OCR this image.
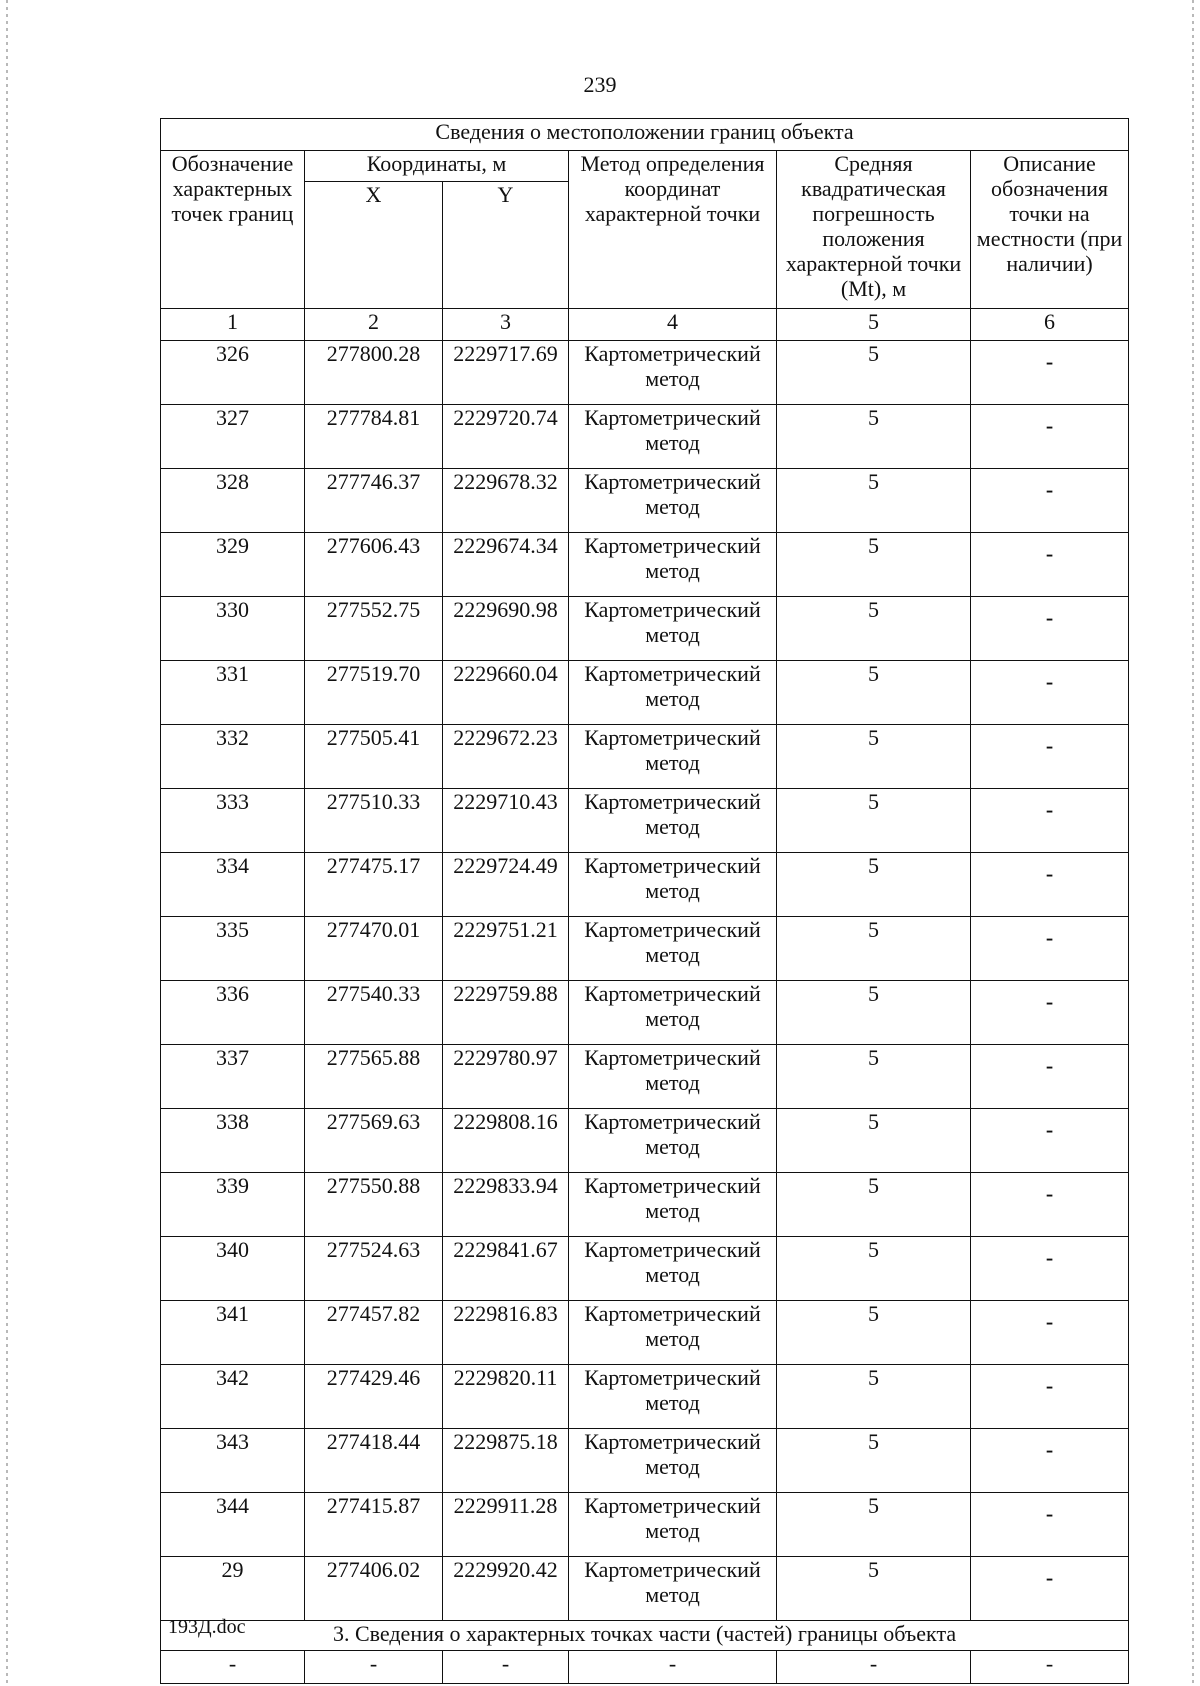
239
Сведения о местоположении границ объекта					
Обозначение характерных точек границ	Координаты, м		Метод определения координат характерной точки	Средняя квадратическая погрешность положения характерной точки (Mt), м	Описание обозначения точки на местности (при наличии)
	X	Y			
1	2	3	4	5	6
326	277800.28	2229717.69	Картометрический метод	5	-
327	277784.81	2229720.74	Картометрический метод	5	-
328	277746.37	2229678.32	Картометрический метод	5	-
329	277606.43	2229674.34	Картометрический метод	5	-
330	277552.75	2229690.98	Картометрический метод	5	-
331	277519.70	2229660.04	Картометрический метод	5	-
332	277505.41	2229672.23	Картометрический метод	5	-
333	277510.33	2229710.43	Картометрический метод	5	-
334	277475.17	2229724.49	Картометрический метод	5	-
335	277470.01	2229751.21	Картометрический метод	5	-
336	277540.33	2229759.88	Картометрический метод	5	-
337	277565.88	2229780.97	Картометрический метод	5	-
338	277569.63	2229808.16	Картометрический метод	5	-
339	277550.88	2229833.94	Картометрический метод	5	-
340	277524.63	2229841.67	Картометрический метод	5	-
341	277457.82	2229816.83	Картометрический метод	5	-
342	277429.46	2229820.11	Картометрический метод	5	-
343	277418.44	2229875.18	Картометрический метод	5	-
344	277415.87	2229911.28	Картометрический метод	5	-
29	277406.02	2229920.42	Картометрический метод	5	-
3. Сведения о характерных точках части (частей) границы объекта					
-	-	-	-	-	-
193Д.doc
